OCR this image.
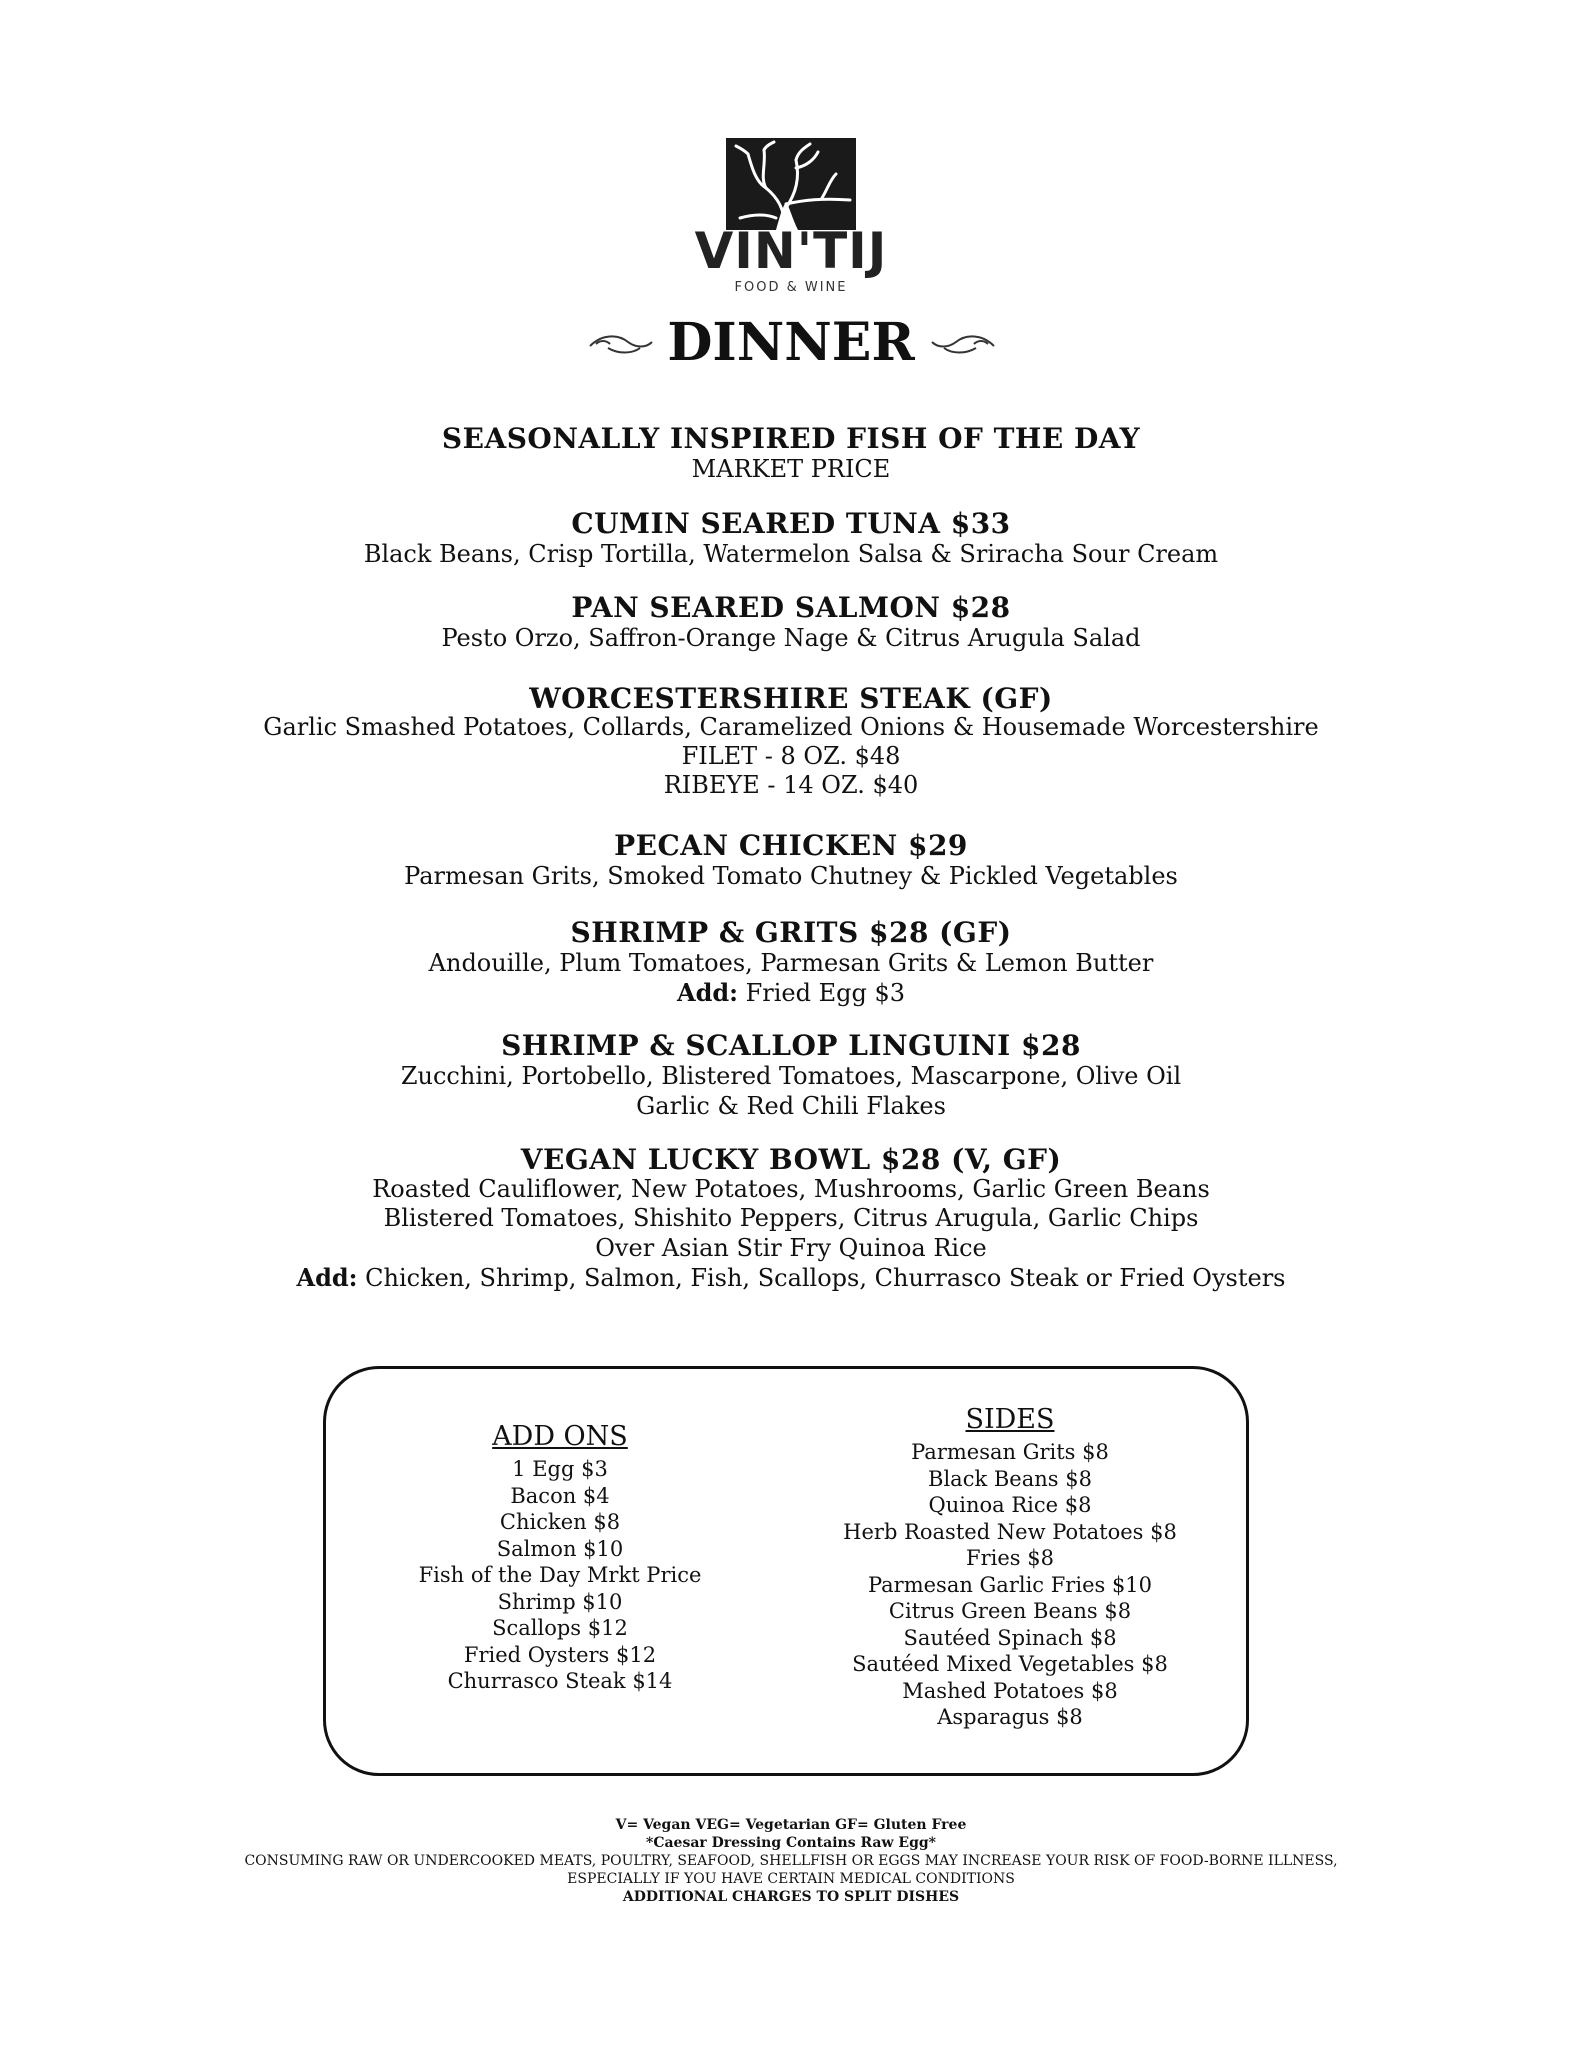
VIN'TIJ
FOOD & WINE
DINNER
SEASONALLY INSPIRED FISH OF THE DAY
MARKET PRICE
CUMIN SEARED TUNA $33
Black Beans, Crisp Tortilla, Watermelon Salsa & Sriracha Sour Cream
PAN SEARED SALMON $28
Pesto Orzo, Saffron-Orange Nage & Citrus Arugula Salad
WORCESTERSHIRE STEAK (GF)
Garlic Smashed Potatoes, Collards, Caramelized Onions & Housemade Worcestershire
FILET - 8 OZ. $48
RIBEYE - 14 OZ. $40
PECAN CHICKEN $29
Parmesan Grits, Smoked Tomato Chutney & Pickled Vegetables
SHRIMP & GRITS $28 (GF)
Andouille, Plum Tomatoes, Parmesan Grits & Lemon Butter
Add: Fried Egg $3
SHRIMP & SCALLOP LINGUINI $28
Zucchini, Portobello, Blistered Tomatoes, Mascarpone, Olive Oil
Garlic & Red Chili Flakes
VEGAN LUCKY BOWL $28 (V, GF)
Roasted Cauliflower, New Potatoes, Mushrooms, Garlic Green Beans
Blistered Tomatoes, Shishito Peppers, Citrus Arugula, Garlic Chips
Over Asian Stir Fry Quinoa Rice
Add: Chicken, Shrimp, Salmon, Fish, Scallops, Churrasco Steak or Fried Oysters
ADD ONS
1 Egg $3
Bacon $4
Chicken $8
Salmon $10
Fish of the Day Mrkt Price
Shrimp $10
Scallops $12
Fried Oysters $12
Churrasco Steak $14
SIDES
Parmesan Grits $8
Black Beans $8
Quinoa Rice $8
Herb Roasted New Potatoes $8
Fries $8
Parmesan Garlic Fries $10
Citrus Green Beans $8
Sautéed Spinach $8
Sautéed Mixed Vegetables $8
Mashed Potatoes $8
Asparagus $8
V= Vegan VEG= Vegetarian GF= Gluten Free
*Caesar Dressing Contains Raw Egg*
CONSUMING RAW OR UNDERCOOKED MEATS, POULTRY, SEAFOOD, SHELLFISH OR EGGS MAY INCREASE YOUR RISK OF FOOD-BORNE ILLNESS,
ESPECIALLY IF YOU HAVE CERTAIN MEDICAL CONDITIONS
ADDITIONAL CHARGES TO SPLIT DISHES
